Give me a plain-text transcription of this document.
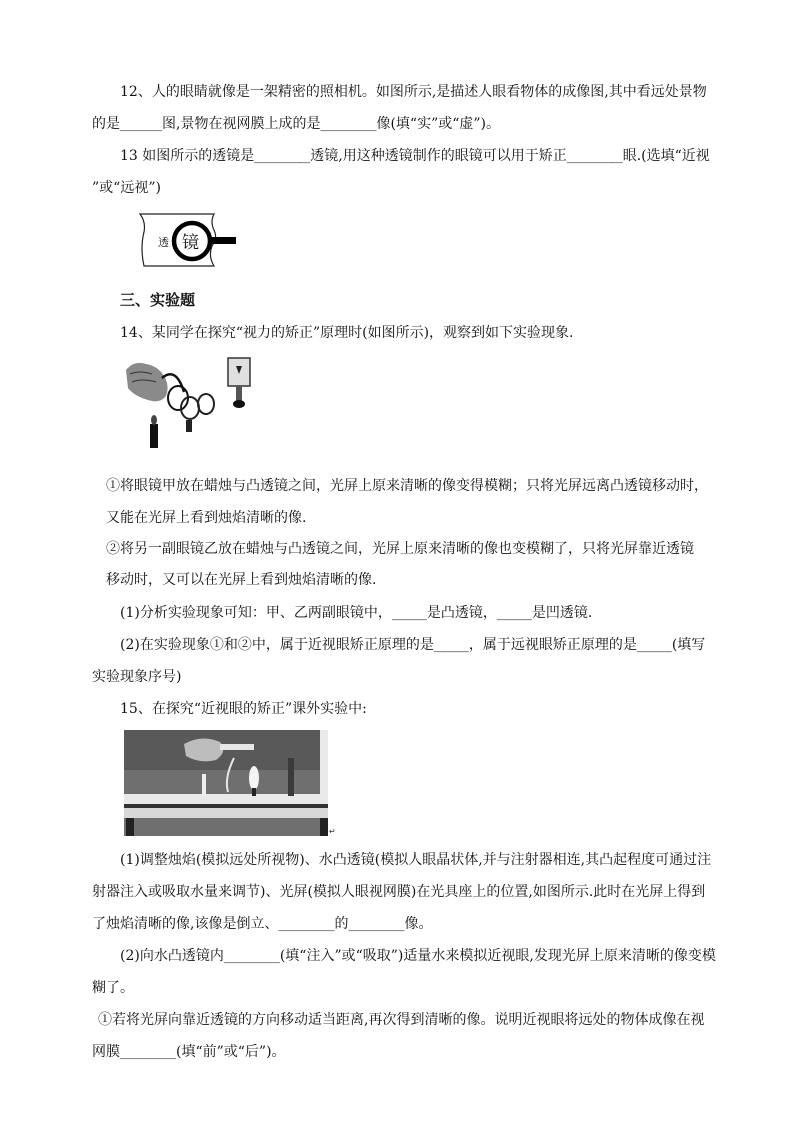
12、人的眼睛就像是一架精密的照相机。如图所示,是描述人眼看物体的成像图,其中看远处景物
的是______图,景物在视网膜上成的是________像(填“实”或“虚”)。
13 如图所示的透镜是________透镜,用这种透镜制作的眼镜可以用于矫正________眼.(选填“近视
”或“远视”)
透 镜
三、实验题
14、某同学在探究“视力的矫正”原理时(如图所示)，观察到如下实验现象.
①将眼镜甲放在蜡烛与凸透镜之间，光屏上原来清晰的像变得模糊；只将光屏远离凸透镜移动时，
又能在光屏上看到烛焰清晰的像.
②将另一副眼镜乙放在蜡烛与凸透镜之间，光屏上原来清晰的像也变模糊了，只将光屏靠近透镜
移动时，又可以在光屏上看到烛焰清晰的像.
(1)分析实验现象可知：甲、乙两副眼镜中，_____是凸透镜，_____是凹透镜.
(2)在实验现象①和②中，属于近视眼矫正原理的是_____，属于远视眼矫正原理的是_____(填写
实验现象序号)
15、在探究“近视眼的矫正”课外实验中:
↵
(1)调整烛焰(模拟远处所视物)、水凸透镜(模拟人眼晶状体,并与注射器相连,其凸起程度可通过注
射器注入或吸取水量来调节)、光屏(模拟人眼视网膜)在光具座上的位置,如图所示.此时在光屏上得到
了烛焰清晰的像,该像是倒立、________的________像。
(2)向水凸透镜内________(填“注入”或“吸取”)适量水来模拟近视眼,发现光屏上原来清晰的像变模
糊了。
①若将光屏向靠近透镜的方向移动适当距离,再次得到清晰的像。说明近视眼将远处的物体成像在视
网膜________(填“前”或“后”)。
